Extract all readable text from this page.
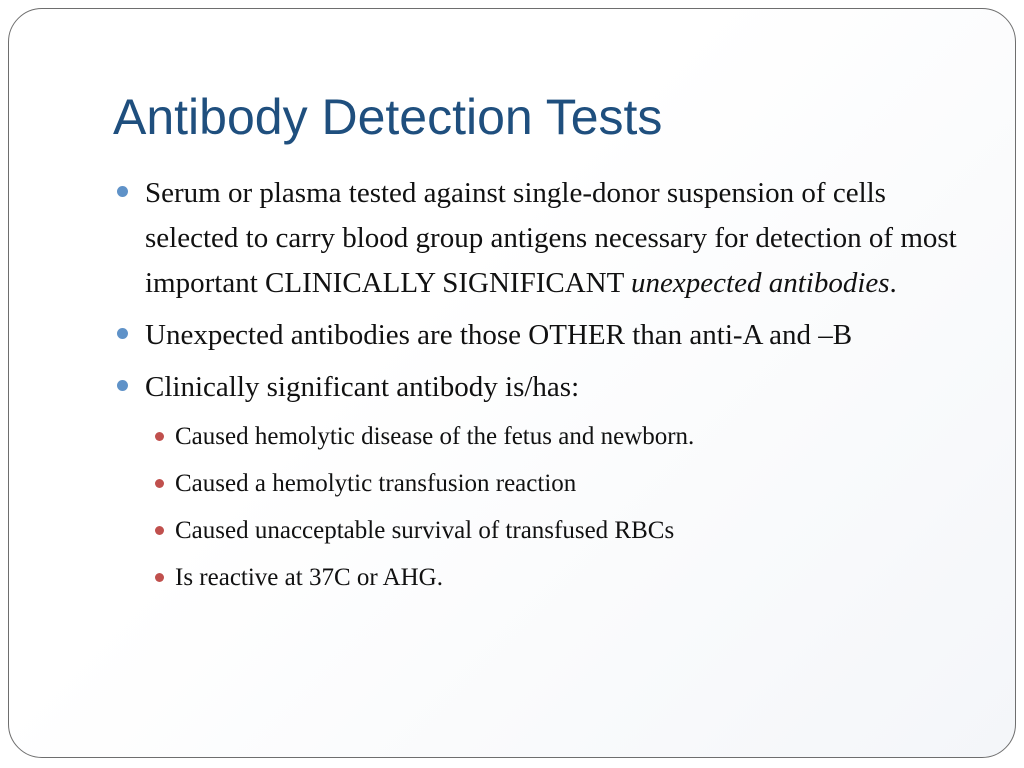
Antibody Detection Tests
Serum or plasma tested against single-donor suspension of cells selected to carry blood group antigens necessary for detection of most important CLINICALLY SIGNIFICANT unexpected antibodies.
Unexpected antibodies are those OTHER than anti-A and –B
Clinically significant antibody is/has:
Caused hemolytic disease of the fetus and newborn.
Caused a hemolytic transfusion reaction
Caused unacceptable survival of transfused RBCs
Is reactive at 37C or AHG.
